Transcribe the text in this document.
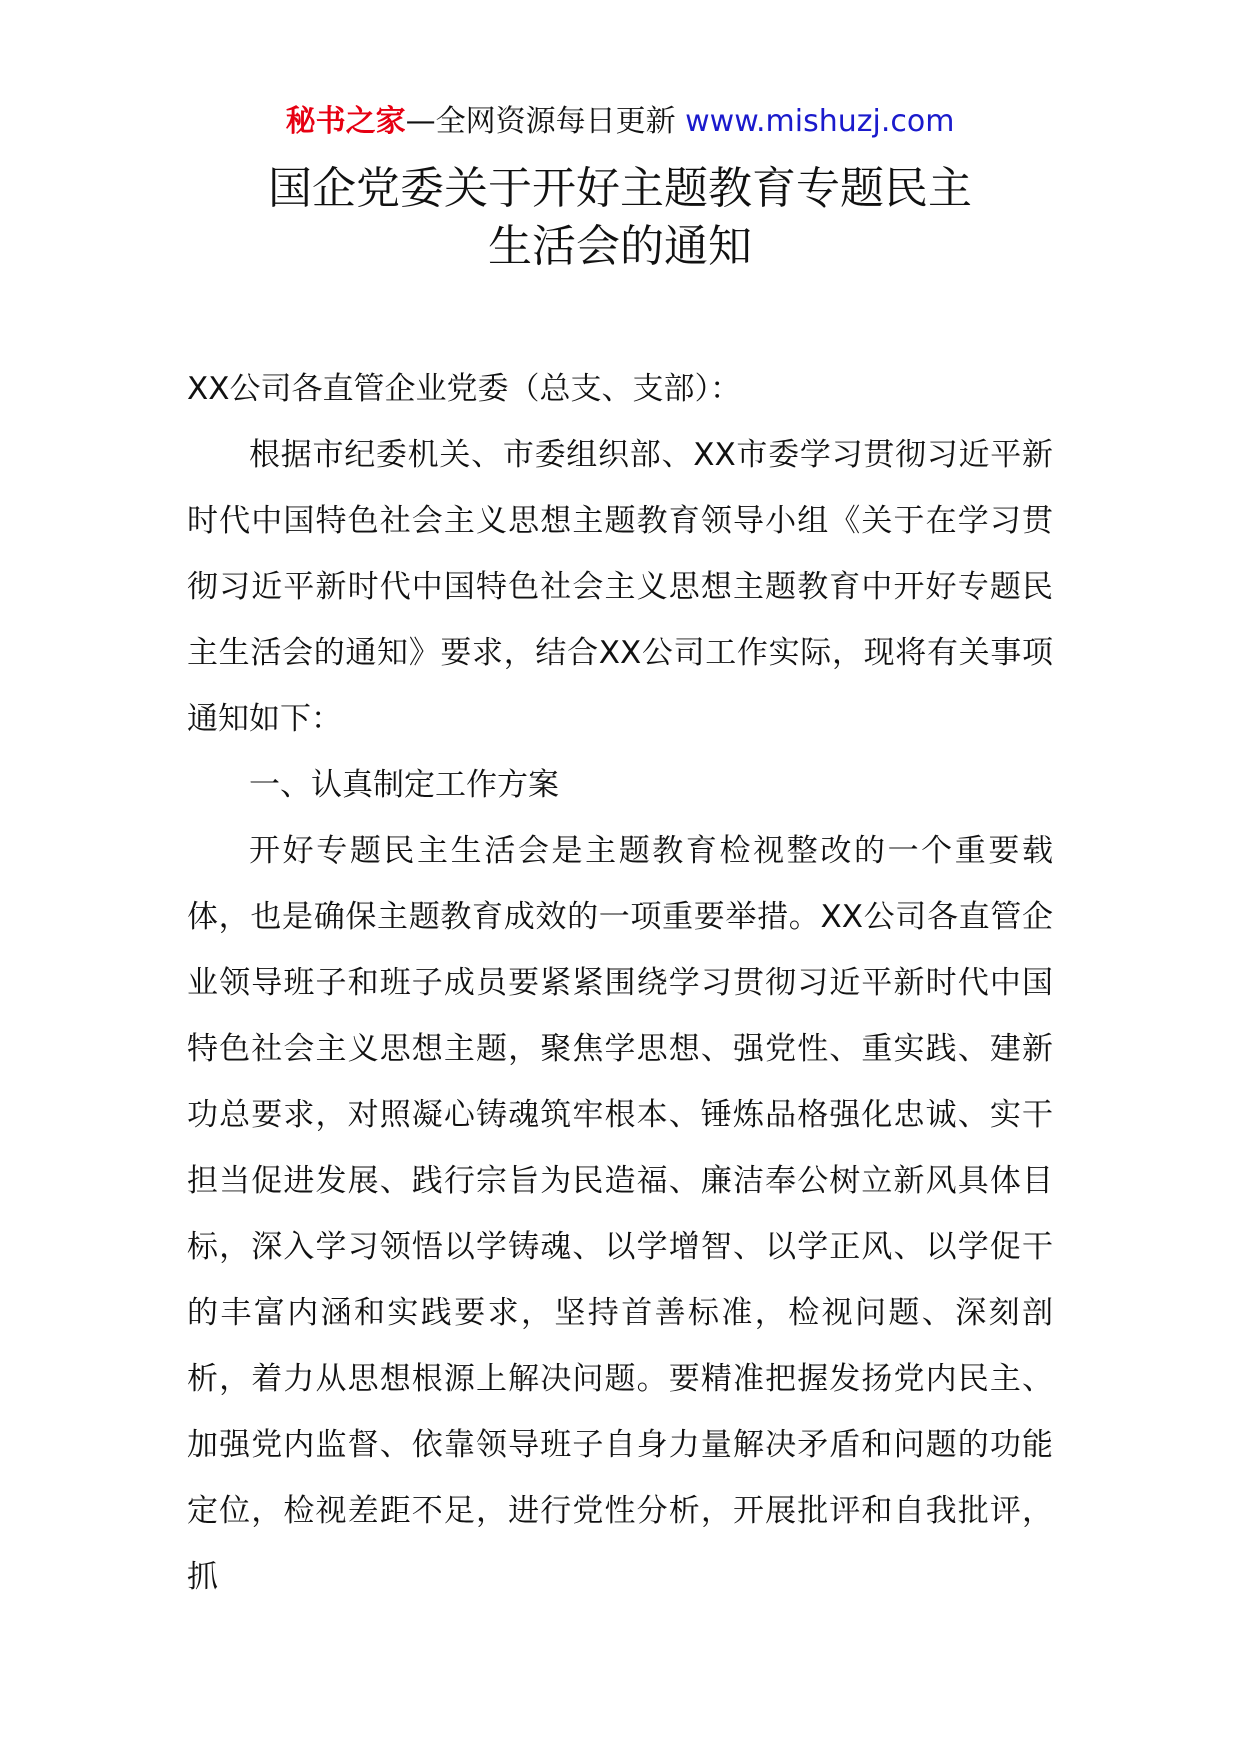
秘书之家—全网资源每日更新 www.mishuzj.com
国企党委关于开好主题教育专题民主
生活会的通知

XX公司各直管企业党委（总支、支部）：

根据市纪委机关、市委组织部、XX市委学习贯彻习近平新时代中国特色社会主义思想主题教育领导小组《关于在学习贯彻习近平新时代中国特色社会主义思想主题教育中开好专题民主生活会的通知》要求，结合XX公司工作实际，现将有关事项通知如下：

一、认真制定工作方案

开好专题民主生活会是主题教育检视整改的一个重要载体，也是确保主题教育成效的一项重要举措。XX公司各直管企业领导班子和班子成员要紧紧围绕学习贯彻习近平新时代中国特色社会主义思想主题，聚焦学思想、强党性、重实践、建新功总要求，对照凝心铸魂筑牢根本、锤炼品格强化忠诚、实干担当促进发展、践行宗旨为民造福、廉洁奉公树立新风具体目标，深入学习领悟以学铸魂、以学增智、以学正风、以学促干的丰富内涵和实践要求，坚持首善标准，检视问题、深刻剖析，着力从思想根源上解决问题。要精准把握发扬党内民主、加强党内监督、依靠领导班子自身力量解决矛盾和问题的功能定位，检视差距不足，进行党性分析，开展批评和自我批评，抓
